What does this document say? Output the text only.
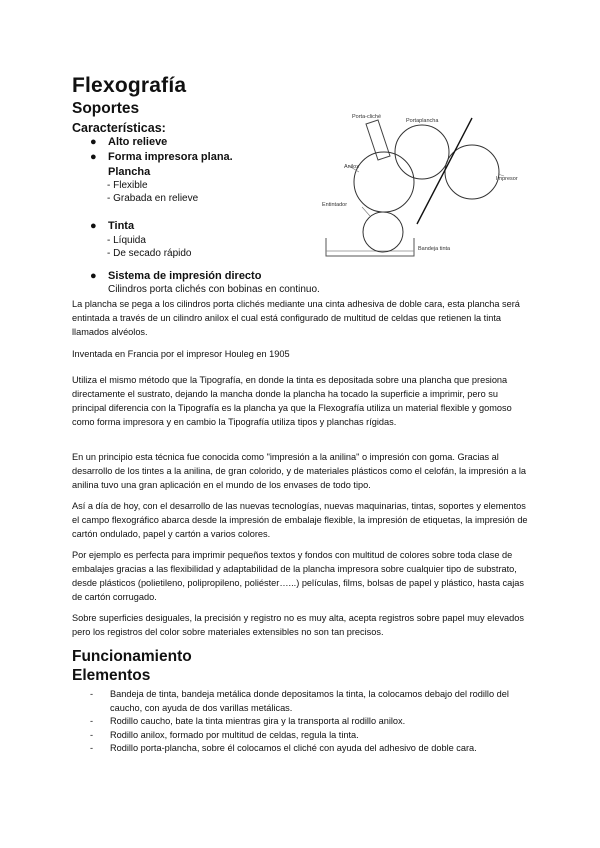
Flexografía
Soportes
Características:
● Alto relieve
● Forma impresora plana. Plancha
- Flexible
- Grabada en relieve
● Tinta
- Líquida
- De secado rápido
● Sistema de impresión directo
Cilindros porta clichés con bobinas en continuo.
Porta-cliché
Portaplancha
Anilox
Impresor
Entintador
Bandeja tinta
La plancha se pega a los cilindros porta clichés mediante una cinta adhesiva de doble cara, esta plancha será entintada a través de un cilindro anilox el cual está configurado de multitud de celdas que retienen la tinta llamados alvéolos.
Inventada en Francia por el impresor Houleg en 1905
Utiliza el mismo método que la Tipografía, en donde la tinta es depositada sobre una plancha que presiona directamente el sustrato, dejando la mancha donde la plancha ha tocado la superficie a imprimir, pero su principal diferencia con la Tipografía es la plancha ya que la Flexografía utiliza un material flexible y gomoso como forma impresora y en cambio la Tipografía utiliza tipos y planchas rígidas.
En un principio esta técnica fue conocida como "impresión a la anilina" o impresión con goma. Gracias al desarrollo de los tintes a la anilina, de gran colorido, y de materiales plásticos como el celofán, la impresión a la anilina tuvo una gran aplicación en el mundo de los envases de todo tipo.
Así a día de hoy, con el desarrollo de las nuevas tecnologías, nuevas maquinarias, tintas, soportes y elementos el campo flexográfico abarca desde la impresión de embalaje flexible, la impresión de etiquetas, la impresión de cartón ondulado, papel y cartón a varios colores.
Por ejemplo es perfecta para imprimir pequeños textos y fondos con multitud de colores sobre toda clase de embalajes gracias a las flexibilidad y adaptabilidad de la plancha impresora sobre cualquier tipo de substrato, desde plásticos (polietileno, polipropileno, poliéster…...) películas, films, bolsas de papel y plástico, hasta cajas de cartón corrugado.
Sobre superficies desiguales, la precisión y registro no es muy alta, acepta registros sobre papel muy elevados pero los registros del color sobre materiales extensibles no son tan precisos.
Funcionamiento
Elementos
- Bandeja de tinta, bandeja metálica donde depositamos la tinta, la colocamos debajo del rodillo del caucho, con ayuda de dos varillas metálicas.
- Rodillo caucho, bate la tinta mientras gira y la transporta al rodillo anilox.
- Rodillo anilox, formado por multitud de celdas, regula la tinta.
- Rodillo porta-plancha, sobre él colocamos el cliché con ayuda del adhesivo de doble cara.
